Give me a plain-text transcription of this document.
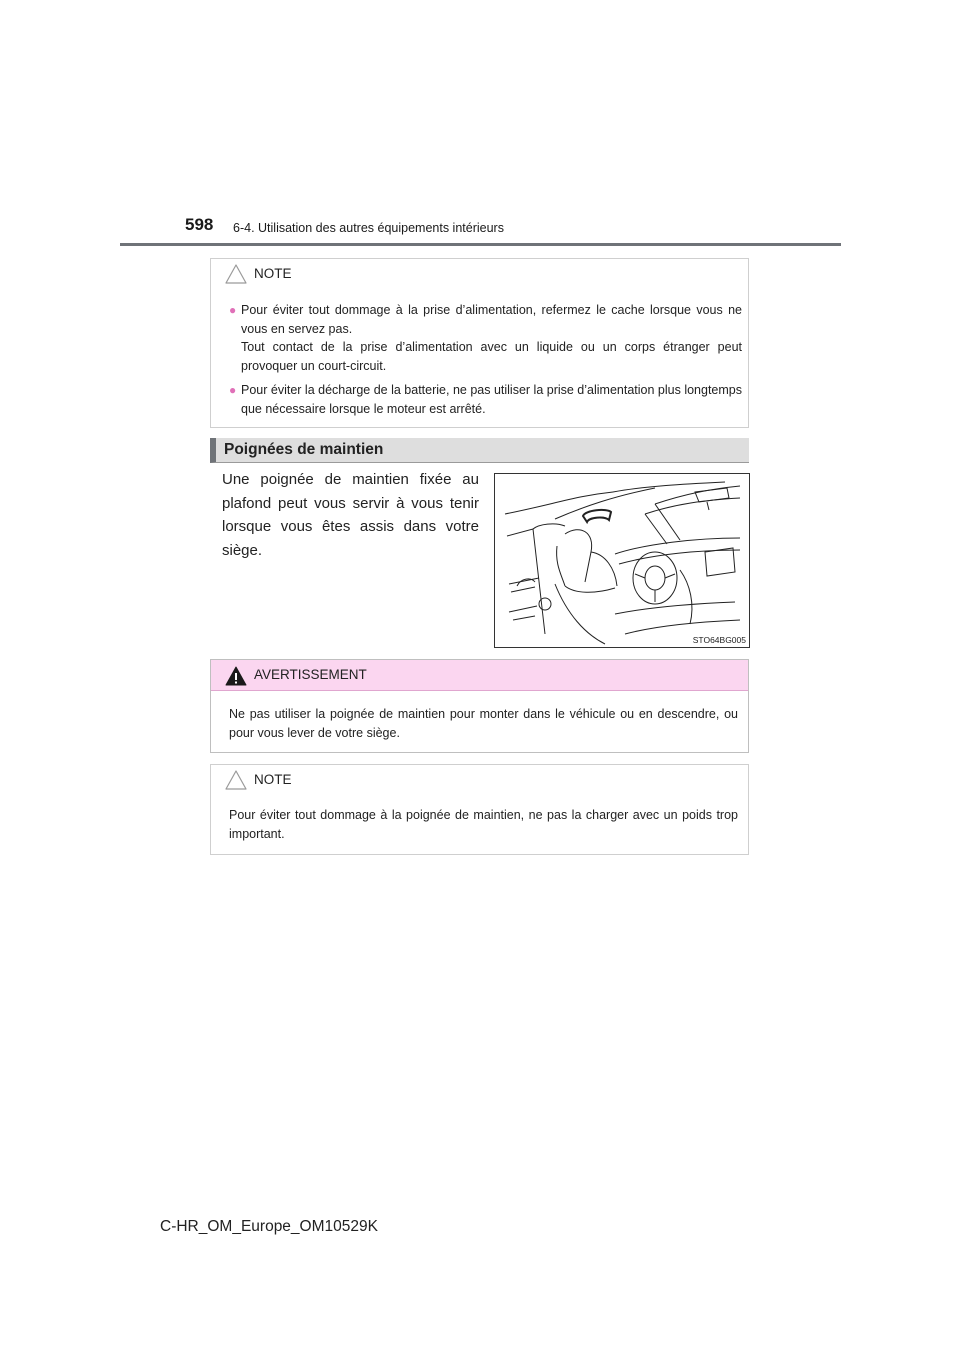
598 6-4. Utilisation des autres équipements intérieurs
NOTE
● Pour éviter tout dommage à la prise d’alimentation, refermez le cache lorsque vous ne vous en servez pas.
Tout contact de la prise d’alimentation avec un liquide ou un corps étranger peut provoquer un court-circuit.
● Pour éviter la décharge de la batterie, ne pas utiliser la prise d’alimentation plus longtemps que nécessaire lorsque le moteur est arrêté.
Poignées de maintien
Une poignée de maintien fixée au plafond peut vous servir à vous tenir lorsque vous êtes assis dans votre siège.
STO64BG005
AVERTISSEMENT
Ne pas utiliser la poignée de maintien pour monter dans le véhicule ou en descendre, ou pour vous lever de votre siège.
NOTE
Pour éviter tout dommage à la poignée de maintien, ne pas la charger avec un poids trop important.
C-HR_OM_Europe_OM10529K
